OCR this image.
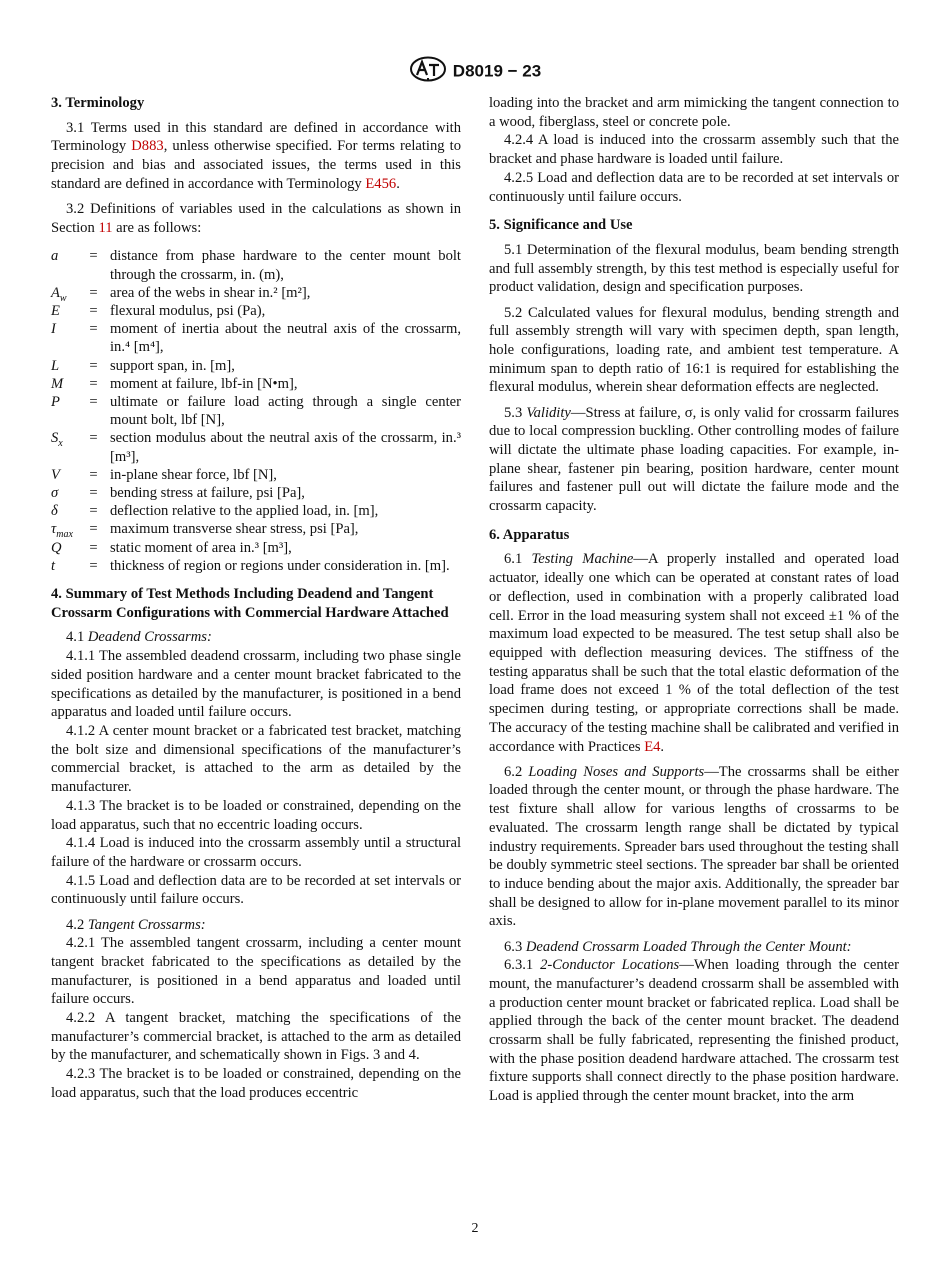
D8019 − 23
3. Terminology

3.1 Terms used in this standard are defined in accordance with Terminology D883, unless otherwise specified. For terms relating to precision and bias and associated issues, the terms used in this standard are defined in accordance with Terminology E456.

3.2 Definitions of variables used in the calculations as shown in Section 11 are as follows:

a	=	distance from phase hardware to the center mount bolt through the crossarm, in. (m),
$A_w$	=	area of the webs in shear in.² [m²],
E	=	flexural modulus, psi (Pa),
I	=	moment of inertia about the neutral axis of the crossarm, in.⁴ [m⁴],
L	=	support span, in. [m],
M	=	moment at failure, lbf-in [N•m],
P	=	ultimate or failure load acting through a single center mount bolt, lbf [N],
$S_x$	=	section modulus about the neutral axis of the crossarm, in.³ [m³],
V	=	in-plane shear force, lbf [N],
σ	=	bending stress at failure, psi [Pa],
δ	=	deflection relative to the applied load, in. [m],
$\tau_{max}$	=	maximum transverse shear stress, psi [Pa],
Q	=	static moment of area in.³ [m³],
t	=	thickness of region or regions under consideration in. [m].
4. Summary of Test Methods Including Deadend and Tangent Crossarm Configurations with Commercial Hardware Attached

4.1 Deadend Crossarms:

4.1.1 The assembled deadend crossarm, including two phase single sided position hardware and a center mount bracket fabricated to the specifications as detailed by the manufacturer, is positioned in a bend apparatus and loaded until failure occurs.

4.1.2 A center mount bracket or a fabricated test bracket, matching the bolt size and dimensional specifications of the manufacturer’s commercial bracket, is attached to the arm as detailed by the manufacturer.

4.1.3 The bracket is to be loaded or constrained, depending on the load apparatus, such that no eccentric loading occurs.

4.1.4 Load is induced into the crossarm assembly until a structural failure of the hardware or crossarm occurs.

4.1.5 Load and deflection data are to be recorded at set intervals or continuously until failure occurs.

4.2 Tangent Crossarms:

4.2.1 The assembled tangent crossarm, including a center mount tangent bracket fabricated to the specifications as detailed by the manufacturer, is positioned in a bend apparatus and loaded until failure occurs.

4.2.2 A tangent bracket, matching the specifications of the manufacturer’s commercial bracket, is attached to the arm as detailed by the manufacturer, and schematically shown in Figs. 3 and 4.

4.2.3 The bracket is to be loaded or constrained, depending on the load apparatus, such that the load produces eccentric

loading into the bracket and arm mimicking the tangent connection to a wood, fiberglass, steel or concrete pole.

4.2.4 A load is induced into the crossarm assembly such that the bracket and phase hardware is loaded until failure.

4.2.5 Load and deflection data are to be recorded at set intervals or continuously until failure occurs.

5. Significance and Use

5.1 Determination of the flexural modulus, beam bending strength and full assembly strength, by this test method is especially useful for product validation, design and specification purposes.

5.2 Calculated values for flexural modulus, bending strength and full assembly strength will vary with specimen depth, span length, hole configurations, loading rate, and ambient test temperature. A minimum span to depth ratio of 16:1 is required for establishing the flexural modulus, wherein shear deformation effects are neglected.

5.3 Validity—Stress at failure, σ, is only valid for crossarm failures due to local compression buckling. Other controlling modes of failure will dictate the ultimate phase loading capacities. For example, in-plane shear, fastener pin bearing, position hardware, center mount failures and fastener pull out will dictate the failure mode and the crossarm capacity.

6. Apparatus

6.1 Testing Machine—A properly installed and operated load actuator, ideally one which can be operated at constant rates of load or deflection, used in combination with a properly calibrated load cell. Error in the load measuring system shall not exceed ±1 % of the maximum load expected to be measured. The test setup shall also be equipped with deflection measuring devices. The stiffness of the testing apparatus shall be such that the total elastic deformation of the load frame does not exceed 1 % of the total deflection of the test specimen during testing, or appropriate corrections shall be made. The accuracy of the testing machine shall be calibrated and verified in accordance with Practices E4.

6.2 Loading Noses and Supports—The crossarms shall be either loaded through the center mount, or through the phase hardware. The test fixture shall allow for various lengths of crossarms to be evaluated. The crossarm length range shall be dictated by typical industry requirements. Spreader bars used throughout the testing shall be doubly symmetric steel sections. The spreader bar shall be oriented to induce bending about the major axis. Additionally, the spreader bar shall be designed to allow for in-plane movement parallel to its minor axis.

6.3 Deadend Crossarm Loaded Through the Center Mount:

6.3.1 2-Conductor Locations—When loading through the center mount, the manufacturer’s deadend crossarm shall be assembled with a production center mount bracket or fabricated replica. Load shall be applied through the back of the center mount bracket. The deadend crossarm shall be fully fabricated, representing the finished product, with the phase position deadend hardware attached. The crossarm test fixture supports shall connect directly to the phase position hardware. Load is applied through the center mount bracket, into the arm

2
